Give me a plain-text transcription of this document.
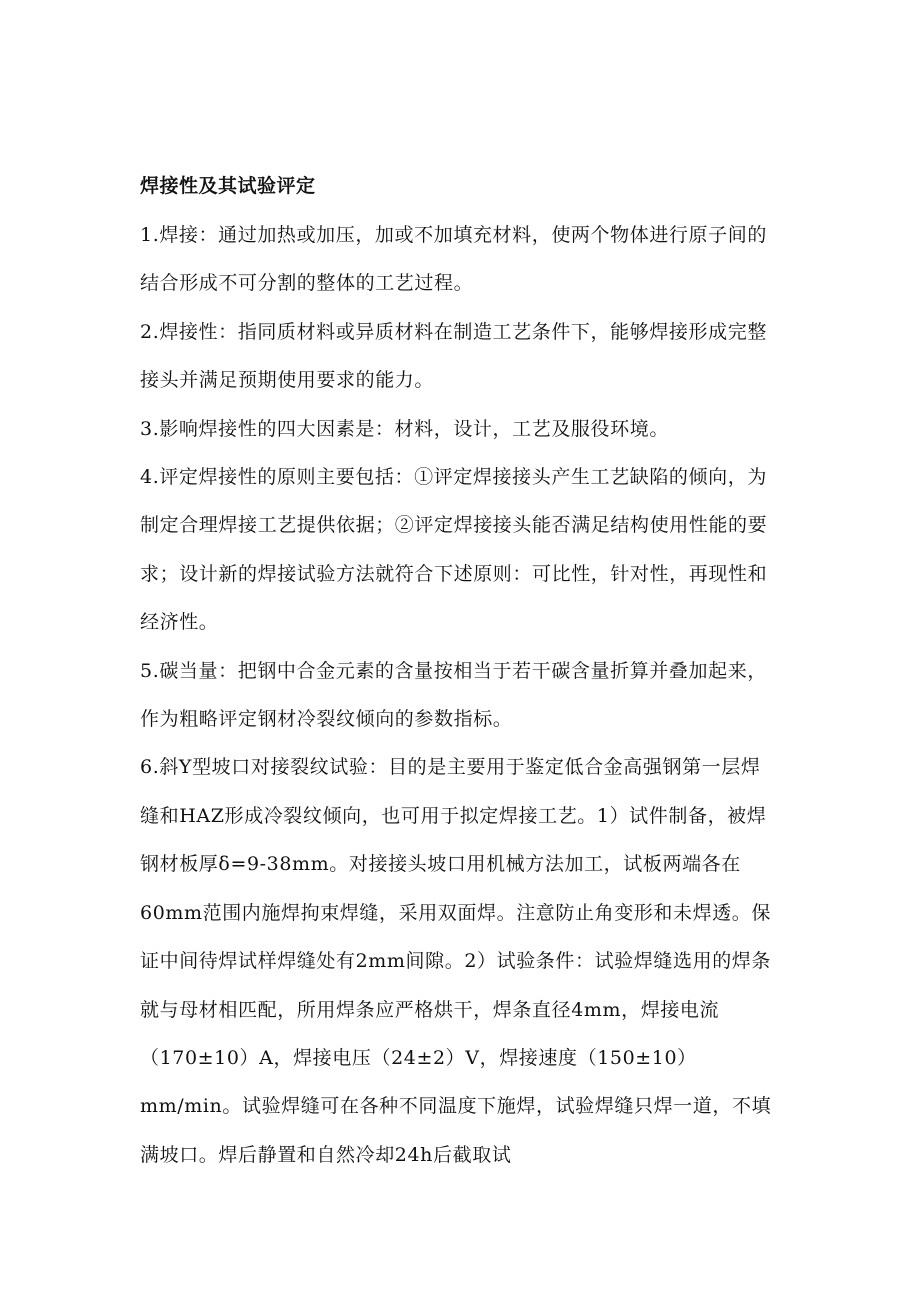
焊接性及其试验评定

1.焊接：通过加热或加压，加或不加填充材料，使两个物体进行原子间的结合形成不可分割的整体的工艺过程。

2.焊接性：指同质材料或异质材料在制造工艺条件下，能够焊接形成完整接头并满足预期使用要求的能力。

3.影响焊接性的四大因素是：材料，设计，工艺及服役环境。

4.评定焊接性的原则主要包括：①评定焊接接头产生工艺缺陷的倾向，为制定合理焊接工艺提供依据；②评定焊接接头能否满足结构使用性能的要求；设计新的焊接试验方法就符合下述原则：可比性，针对性，再现性和经济性。

5.碳当量：把钢中合金元素的含量按相当于若干碳含量折算并叠加起来，作为粗略评定钢材冷裂纹倾向的参数指标。

6.斜Y型坡口对接裂纹试验：目的是主要用于鉴定低合金高强钢第一层焊缝和HAZ形成冷裂纹倾向，也可用于拟定焊接工艺。1）试件制备，被焊钢材板厚δ=9-38mm。对接接头坡口用机械方法加工，试板两端各在60mm范围内施焊拘束焊缝，采用双面焊。注意防止角变形和未焊透。保证中间待焊试样焊缝处有2mm间隙。2）试验条件：试验焊缝选用的焊条就与母材相匹配，所用焊条应严格烘干，焊条直径4mm，焊接电流（170±10）A，焊接电压（24±2）V，焊接速度（150±10）mm/min。试验焊缝可在各种不同温度下施焊，试验焊缝只焊一道，不填满坡口。焊后静置和自然冷却24h后截取试
